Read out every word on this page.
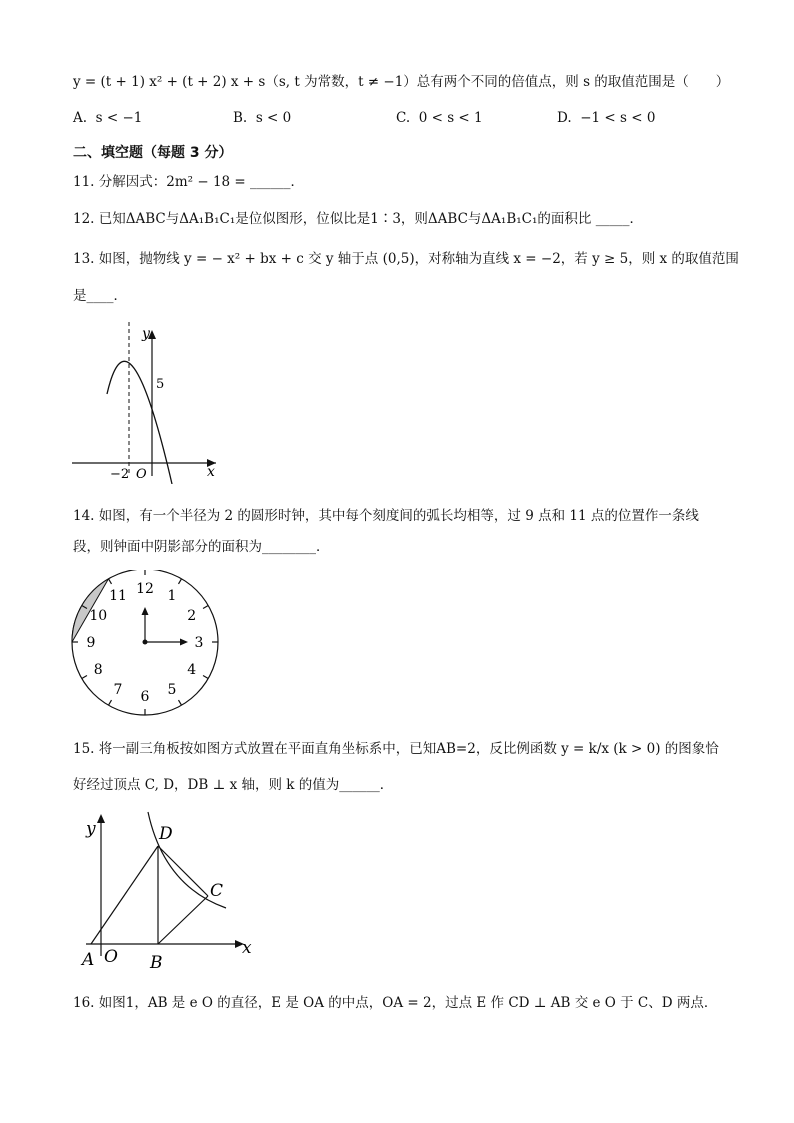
y = (t + 1) x² + (t + 2) x + s（s, t 为常数，t ≠ −1）总有两个不同的倍值点，则 s 的取值范围是（　　）
A. s < −1	B. s < 0	C. 0 < s < 1	D. −1 < s < 0
二、填空题（每题 3 分）
11. 分解因式：2m² − 18 = ______．
12. 已知ΔABC与ΔA₁B₁C₁是位似图形，位似比是1∶3，则ΔABC与ΔA₁B₁C₁的面积比 _____．
13. 如图，抛物线 y = − x² + bx + c 交 y 轴于点 (0,5)，对称轴为直线 x = −2，若 y ≥ 5，则 x 的取值范围
是____．
y
x
5
−2 O
14. 如图，有一个半径为 2 的圆形时钟，其中每个刻度间的弧长均相等，过 9 点和 11 点的位置作一条线
段，则钟面中阴影部分的面积为________．
12 1
2
3
4
5
6
7
8
9
10
11
15. 将一副三角板按如图方式放置在平面直角坐标系中，已知AB=2，反比例函数 y = k/x (k > 0) 的图象恰
好经过顶点 C, D，DB ⊥ x 轴，则 k 的值为______．
y
x
D
C
A O B
16. 如图1，AB 是 e O 的直径，E 是 OA 的中点，OA = 2，过点 E 作 CD ⊥ AB 交 e O 于 C、D 两点．
